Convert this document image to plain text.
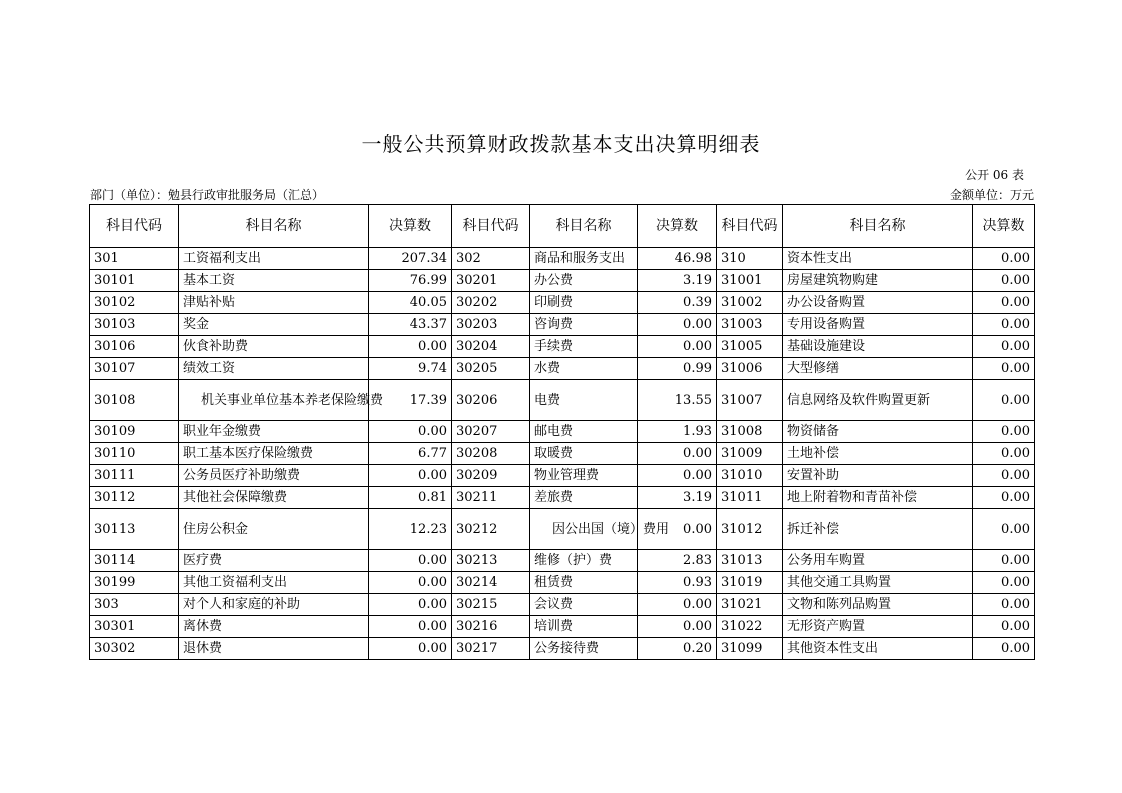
一般公共预算财政拨款基本支出决算明细表
公开 06 表
部门（单位）：勉县行政审批服务局（汇总）	金额单位：万元
科目代码	科目名称	决算数	科目代码	科目名称	决算数	科目代码	科目名称	决算数
301	工资福利支出	207.34	302	商品和服务支出	46.98	310	资本性支出	0.00
30101	基本工资	76.99	30201	办公费	3.19	31001	房屋建筑物购建	0.00
30102	津贴补贴	40.05	30202	印刷费	0.39	31002	办公设备购置	0.00
30103	奖金	43.37	30203	咨询费	0.00	31003	专用设备购置	0.00
30106	伙食补助费	0.00	30204	手续费	0.00	31005	基础设施建设	0.00
30107	绩效工资	9.74	30205	水费	0.99	31006	大型修缮	0.00
30108	机关事业单位基本养老保险缴费	17.39	30206	电费	13.55	31007	信息网络及软件购置更新	0.00
30109	职业年金缴费	0.00	30207	邮电费	1.93	31008	物资储备	0.00
30110	职工基本医疗保险缴费	6.77	30208	取暖费	0.00	31009	土地补偿	0.00
30111	公务员医疗补助缴费	0.00	30209	物业管理费	0.00	31010	安置补助	0.00
30112	其他社会保障缴费	0.81	30211	差旅费	3.19	31011	地上附着物和青苗补偿	0.00
30113	住房公积金	12.23	30212	因公出国（境）费用	0.00	31012	拆迁补偿	0.00
30114	医疗费	0.00	30213	维修（护）费	2.83	31013	公务用车购置	0.00
30199	其他工资福利支出	0.00	30214	租赁费	0.93	31019	其他交通工具购置	0.00
303	对个人和家庭的补助	0.00	30215	会议费	0.00	31021	文物和陈列品购置	0.00
30301	离休费	0.00	30216	培训费	0.00	31022	无形资产购置	0.00
30302	退休费	0.00	30217	公务接待费	0.20	31099	其他资本性支出	0.00
